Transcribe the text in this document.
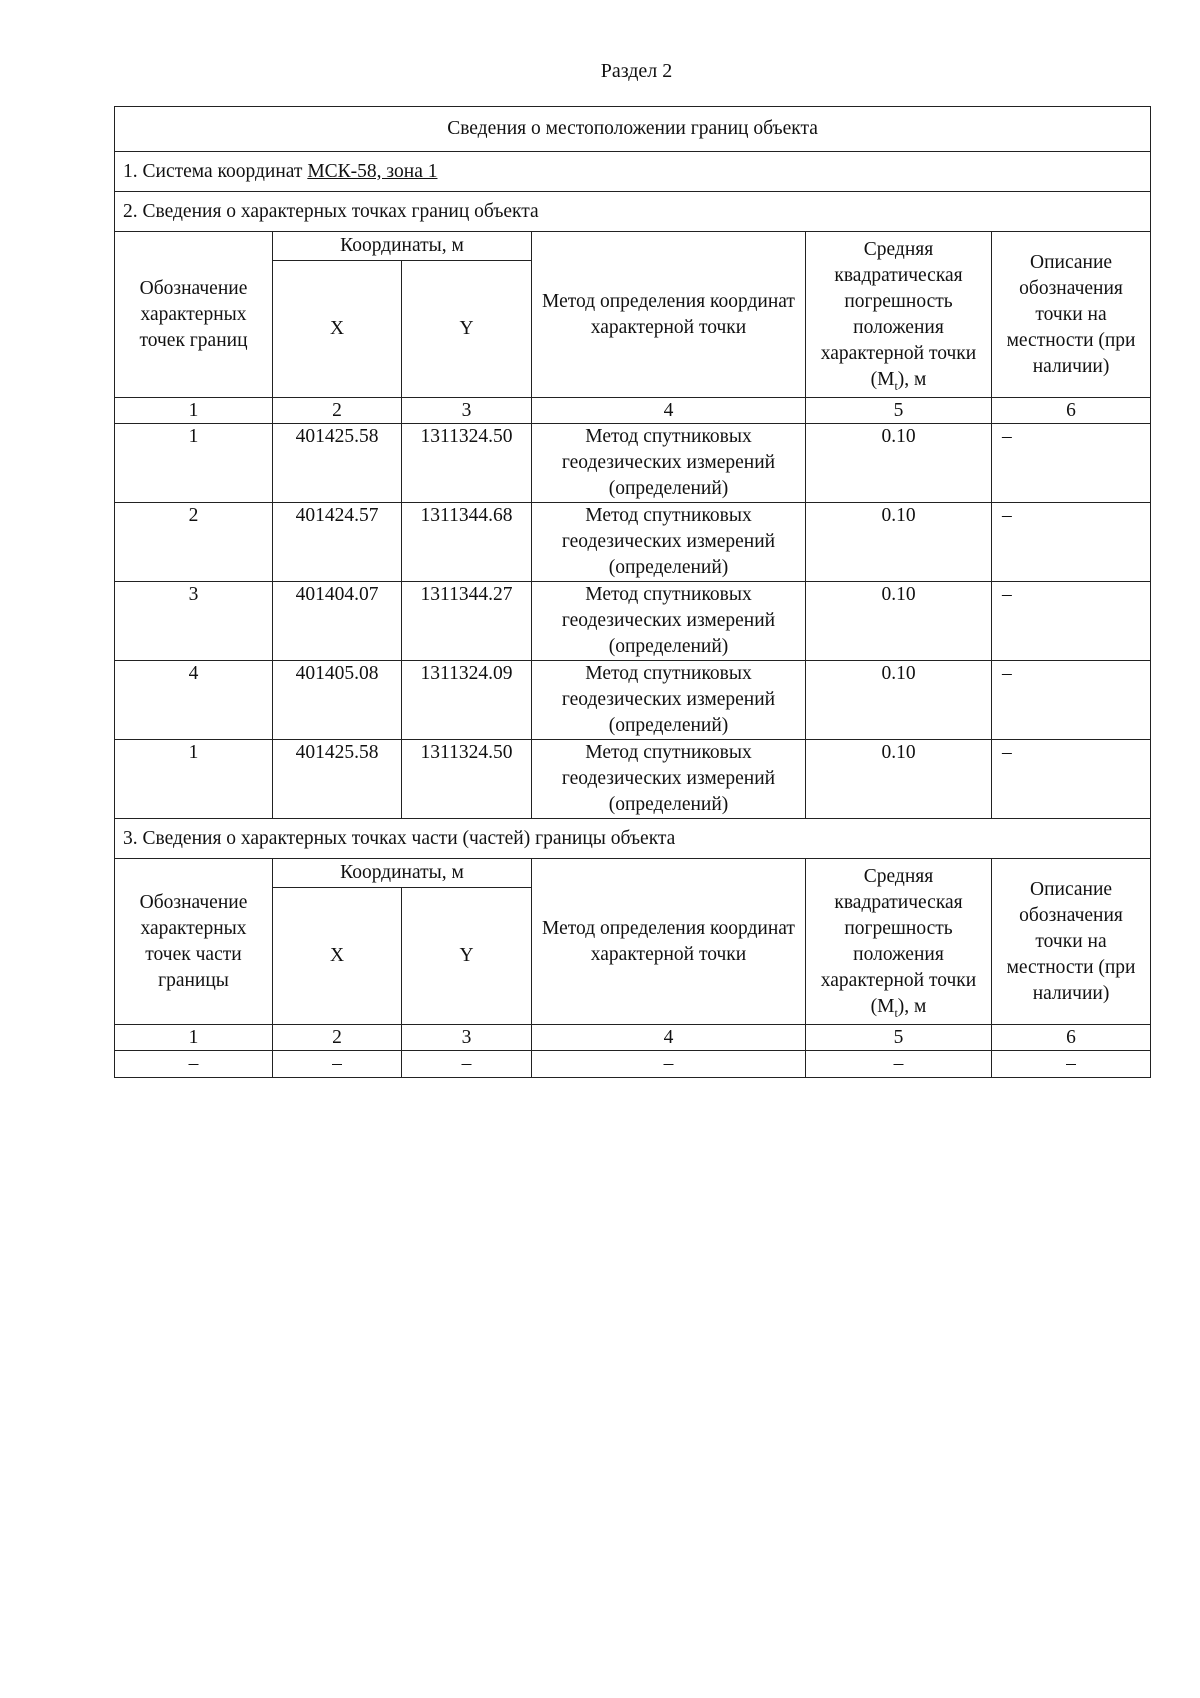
Раздел 2
Сведения о местоположении границ объекта					
1. Система координат МСК-58, зона 1					
2. Сведения о характерных точках границ объекта					
Обозначение характерных точек границ	Координаты, м		Метод определения координат характерной точки	Средняя квадратическая погрешность положения характерной точки $(M_t)$, м	Описание обозначения точки на местности (при наличии)
	X	Y			
1	2	3	4	5	6
1	401425.58	1311324.50	Метод спутниковых геодезических измерений (определений)	0.10	–
2	401424.57	1311344.68	Метод спутниковых геодезических измерений (определений)	0.10	–
3	401404.07	1311344.27	Метод спутниковых геодезических измерений (определений)	0.10	–
4	401405.08	1311324.09	Метод спутниковых геодезических измерений (определений)	0.10	–
1	401425.58	1311324.50	Метод спутниковых геодезических измерений (определений)	0.10	–
3. Сведения о характерных точках части (частей) границы объекта					
Обозначение характерных точек части границы	Координаты, м		Метод определения координат характерной точки	Средняя квадратическая погрешность положения характерной точки $(M_t)$, м	Описание обозначения точки на местности (при наличии)
	X	Y			
1	2	3	4	5	6
–	–	–	–	–	–
